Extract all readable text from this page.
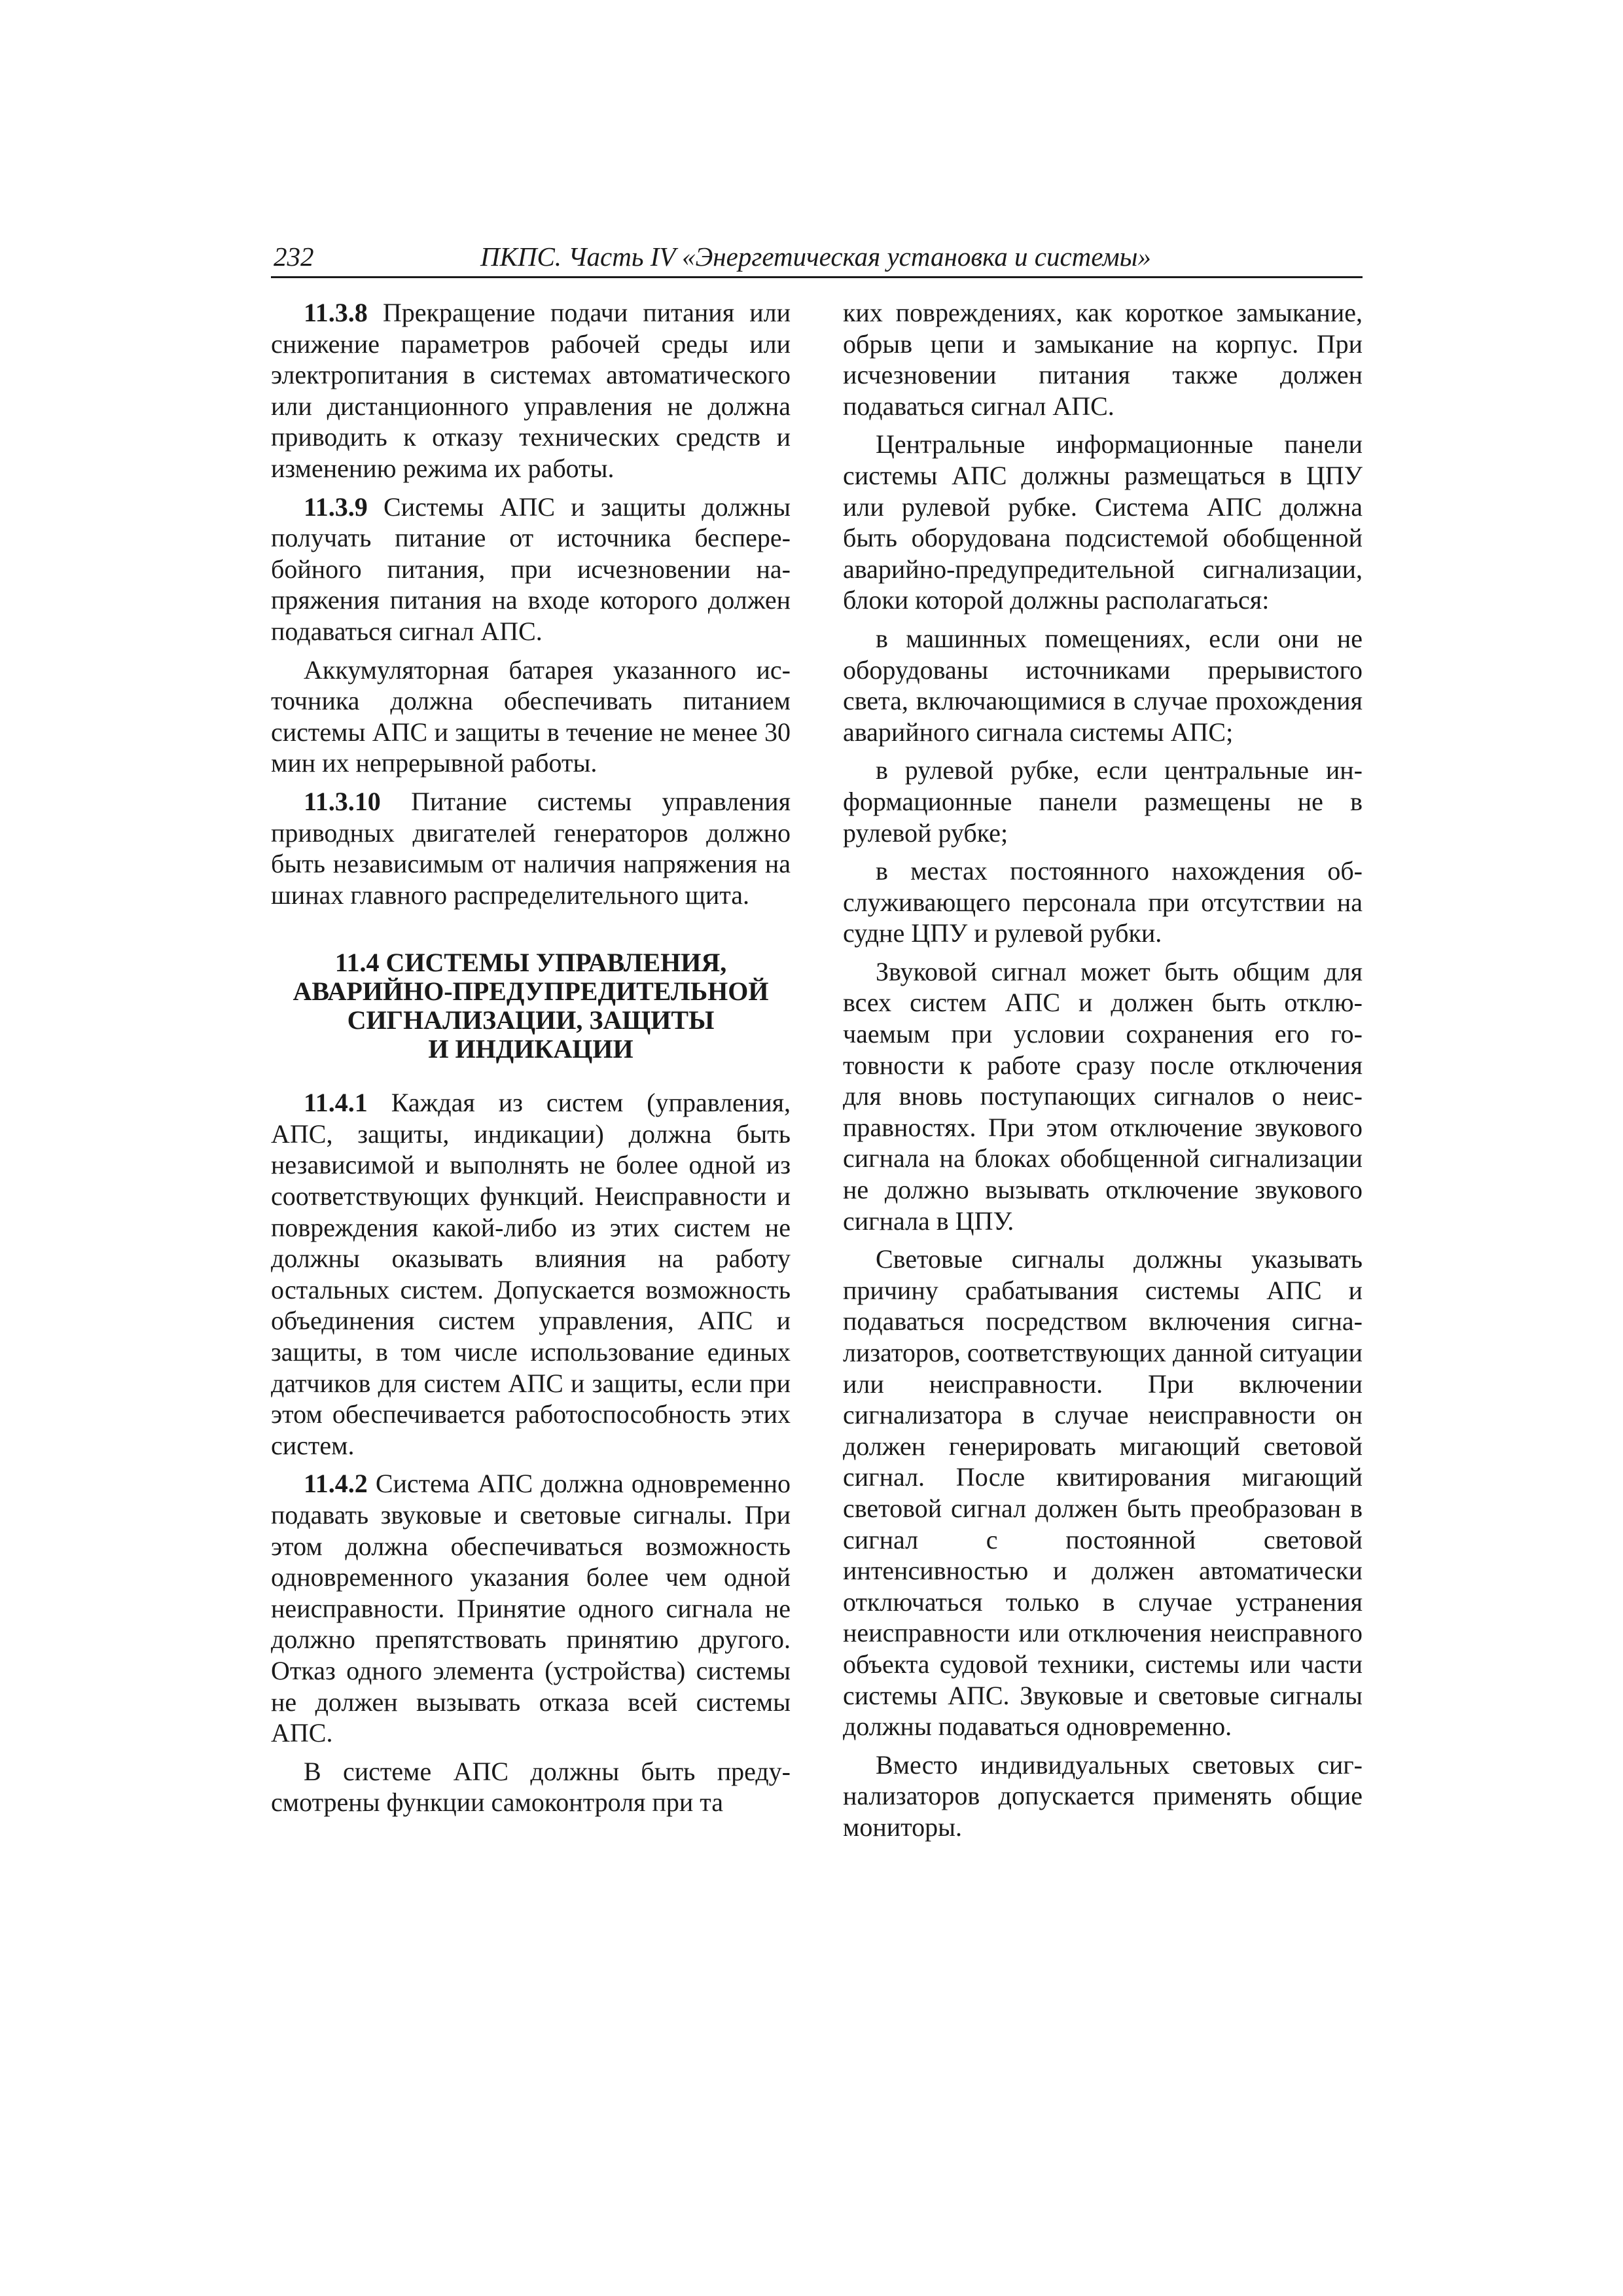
232	ПКПС. Часть IV «Энергетическая установка и системы»

11.3.8 Прекращение подачи питания или снижение параметров рабочей среды или электропитания в системах автоматического или дистанционного управления не должна приводить к отказу технических средств и изменению режима их работы.

11.3.9 Системы АПС и защиты должны получать питание от источника бесперебойного питания, при исчезновении напряжения питания на входе которого должен подаваться сигнал АПС.

Аккумуляторная батарея указанного источника должна обеспечивать питанием системы АПС и защиты в течение не менее 30 мин их непрерывной работы.

11.3.10 Питание системы управления приводных двигателей генераторов должно быть независимым от наличия напряжения на шинах главного распределительного щита.

11.4 СИСТЕМЫ УПРАВЛЕНИЯ,
АВАРИЙНО-ПРЕДУПРЕДИТЕЛЬНОЙ
СИГНАЛИЗАЦИИ, ЗАЩИТЫ
И ИНДИКАЦИИ

11.4.1 Каждая из систем (управления, АПС, защиты, индикации) должна быть независимой и выполнять не более одной из соответствующих функций. Неисправности и повреждения какой-либо из этих систем не должны оказывать влияния на работу остальных систем. Допускается возможность объединения систем управления, АПС и защиты, в том числе использование единых датчиков для систем АПС и защиты, если при этом обеспечивается работоспособность этих систем.

11.4.2 Система АПС должна одновременно подавать звуковые и световые сигналы. При этом должна обеспечиваться возможность одновременного указания более чем одной неисправности. Принятие одного сигнала не должно препятствовать принятию другого. Отказ одного элемента (устройства) системы не должен вызывать отказа всей системы АПС.

В системе АПС должны быть предусмотрены функции самоконтроля при та

ких повреждениях, как короткое замыкание, обрыв цепи и замыкание на корпус. При исчезновении питания также должен подаваться сигнал АПС.

Центральные информационные панели системы АПС должны размещаться в ЦПУ или рулевой рубке. Система АПС должна быть оборудована подсистемой обобщенной аварийно-предупредительной сигнализации, блоки которой должны располагаться:

в машинных помещениях, если они не оборудованы источниками прерывистого света, включающимися в случае прохождения аварийного сигнала системы АПС;

в рулевой рубке, если центральные информационные панели размещены не в рулевой рубке;

в местах постоянного нахождения обслуживающего персонала при отсутствии на судне ЦПУ и рулевой рубки.

Звуковой сигнал может быть общим для всех систем АПС и должен быть отключаемым при условии сохранения его готовности к работе сразу после отключения для вновь поступающих сигналов о неисправностях. При этом отключение звукового сигнала на блоках обобщенной сигнализации не должно вызывать отключение звукового сигнала в ЦПУ.

Световые сигналы должны указывать причину срабатывания системы АПС и подаваться посредством включения сигнализаторов, соответствующих данной ситуации или неисправности. При включении сигнализатора в случае неисправности он должен генерировать мигающий световой сигнал. После квитирования мигающий световой сигнал должен быть преобразован в сигнал с постоянной световой интенсивностью и должен автоматически отключаться только в случае устранения неисправности или отключения неисправного объекта судовой техники, системы или части системы АПС. Звуковые и световые сигналы должны подаваться одновременно.

Вместо индивидуальных световых сигнализаторов допускается применять общие мониторы.
